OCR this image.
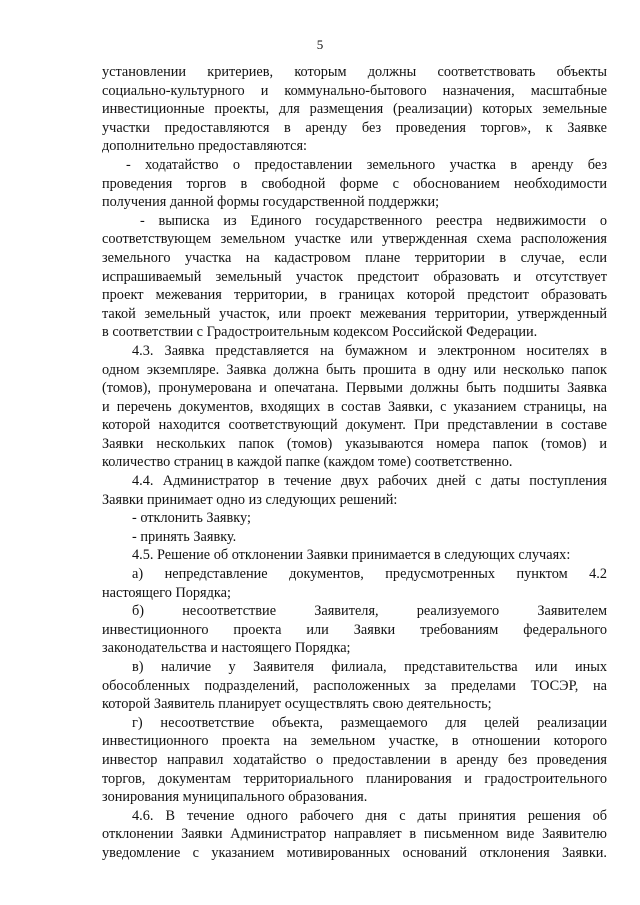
5
установлении критериев, которым должны соответствовать объекты
социально-культурного и коммунально-бытового назначения, масштабные
инвестиционные проекты, для размещения (реализации) которых земельные
участки предоставляются в аренду без проведения торгов», к Заявке
дополнительно предоставляются:
- ходатайство о предоставлении земельного участка в аренду без
проведения торгов в свободной форме с обоснованием необходимости
получения данной формы государственной поддержки;
- выписка из Единого государственного реестра недвижимости о
соответствующем земельном участке или утвержденная схема расположения
земельного участка на кадастровом плане территории в случае, если
испрашиваемый земельный участок предстоит образовать и отсутствует
проект межевания территории, в границах которой предстоит образовать
такой земельный участок, или проект межевания территории, утвержденный
в соответствии с Градостроительным кодексом Российской Федерации.
4.3. Заявка представляется на бумажном и электронном носителях в
одном экземпляре. Заявка должна быть прошита в одну или несколько папок
(томов), пронумерована и опечатана. Первыми должны быть подшиты Заявка
и перечень документов, входящих в состав Заявки, с указанием страницы, на
которой находится соответствующий документ. При представлении в составе
Заявки нескольких папок (томов) указываются номера папок (томов) и
количество страниц в каждой папке (каждом томе) соответственно.
4.4. Администратор в течение двух рабочих дней с даты поступления
Заявки принимает одно из следующих решений:
- отклонить Заявку;
- принять Заявку.
4.5. Решение об отклонении Заявки принимается в следующих случаях:
а) непредставление документов, предусмотренных пунктом 4.2
настоящего Порядка;
б) несоответствие Заявителя, реализуемого Заявителем
инвестиционного проекта или Заявки требованиям федерального
законодательства и настоящего Порядка;
в) наличие у Заявителя филиала, представительства или иных
обособленных подразделений, расположенных за пределами ТОСЭР, на
которой Заявитель планирует осуществлять свою деятельность;
г) несоответствие объекта, размещаемого для целей реализации
инвестиционного проекта на земельном участке, в отношении которого
инвестор направил ходатайство о предоставлении в аренду без проведения
торгов, документам территориального планирования и градостроительного
зонирования муниципального образования.
4.6. В течение одного рабочего дня с даты принятия решения об
отклонении Заявки Администратор направляет в письменном виде Заявителю
уведомление с указанием мотивированных оснований отклонения Заявки.
